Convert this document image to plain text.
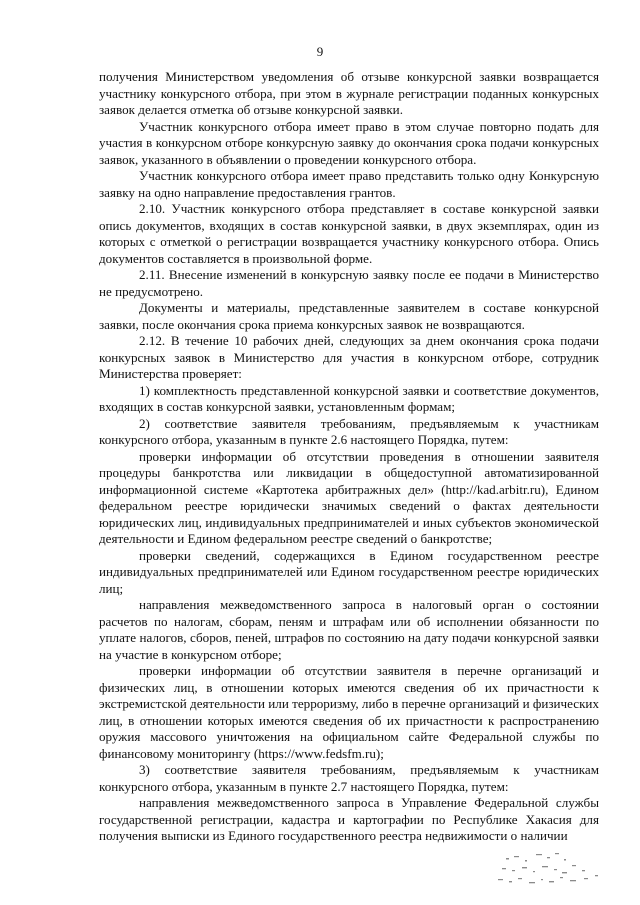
9

получения Министерством уведомления об отзыве конкурсной заявки возвращается участнику конкурсного отбора, при этом в журнале регистрации поданных конкурсных заявок делается отметка об отзыве конкурсной заявки.

Участник конкурсного отбора имеет право в этом случае повторно подать для участия в конкурсном отборе конкурсную заявку до окончания срока подачи конкурсных заявок, указанного в объявлении о проведении конкурсного отбора.

Участник конкурсного отбора имеет право представить только одну Конкурсную заявку на одно направление предоставления грантов.

2.10. Участник конкурсного отбора представляет в составе конкурсной заявки опись документов, входящих в состав конкурсной заявки, в двух экземплярах, один из которых с отметкой о регистрации возвращается участнику конкурсного отбора. Опись документов составляется в произвольной форме.

2.11. Внесение изменений в конкурсную заявку после ее подачи в Министерство не предусмотрено.

Документы и материалы, представленные заявителем в составе конкурсной заявки, после окончания срока приема конкурсных заявок не возвращаются.

2.12. В течение 10 рабочих дней, следующих за днем окончания срока подачи конкурсных заявок в Министерство для участия в конкурсном отборе, сотрудник Министерства проверяет:

1) комплектность представленной конкурсной заявки и соответствие документов, входящих в состав конкурсной заявки, установленным формам;

2) соответствие заявителя требованиям, предъявляемым к участникам конкурсного отбора, указанным в пункте 2.6 настоящего Порядка, путем:

проверки информации об отсутствии проведения в отношении заявителя процедуры банкротства или ликвидации в общедоступной автоматизированной информационной системе «Картотека арбитражных дел» (http://kad.arbitr.ru), Едином федеральном реестре юридически значимых сведений о фактах деятельности юридических лиц, индивидуальных предпринимателей и иных субъектов экономической деятельности и Едином федеральном реестре сведений о банкротстве;

проверки сведений, содержащихся в Едином государственном реестре индивидуальных предпринимателей или Едином государственном реестре юридических лиц;

направления межведомственного запроса в налоговый орган о состоянии расчетов по налогам, сборам, пеням и штрафам или об исполнении обязанности по уплате налогов, сборов, пеней, штрафов по состоянию на дату подачи конкурсной заявки на участие в конкурсном отборе;

проверки информации об отсутствии заявителя в перечне организаций и физических лиц, в отношении которых имеются сведения об их причастности к экстремистской деятельности или терроризму, либо в перечне организаций и физических лиц, в отношении которых имеются сведения об их причастности к распространению оружия массового уничтожения на официальном сайте Федеральной службы по финансовому мониторингу (https://www.fedsfm.ru);

3) соответствие заявителя требованиям, предъявляемым к участникам конкурсного отбора, указанным в пункте 2.7 настоящего Порядка, путем:

направления межведомственного запроса в Управление Федеральной службы государственной регистрации, кадастра и картографии по Республике Хакасия для получения выписки из Единого государственного реестра недвижимости о наличии
